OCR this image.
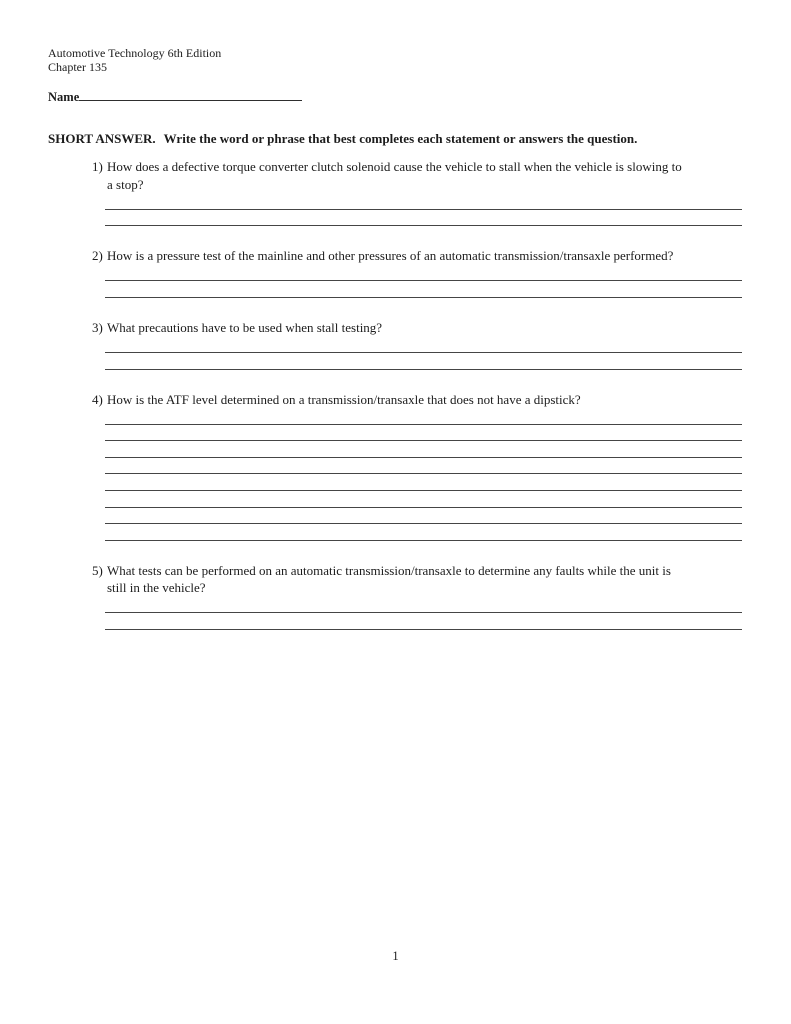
Automotive Technology 6th Edition
Chapter 135
Name
SHORT ANSWER. Write the word or phrase that best completes each statement or answers the question.
1) How does a defective torque converter clutch solenoid cause the vehicle to stall when the vehicle is slowing to
a stop?
2) How is a pressure test of the mainline and other pressures of an automatic transmission/transaxle performed?
3) What precautions have to be used when stall testing?
4) How is the ATF level determined on a transmission/transaxle that does not have a dipstick?
5) What tests can be performed on an automatic transmission/transaxle to determine any faults while the unit is
still in the vehicle?
1
